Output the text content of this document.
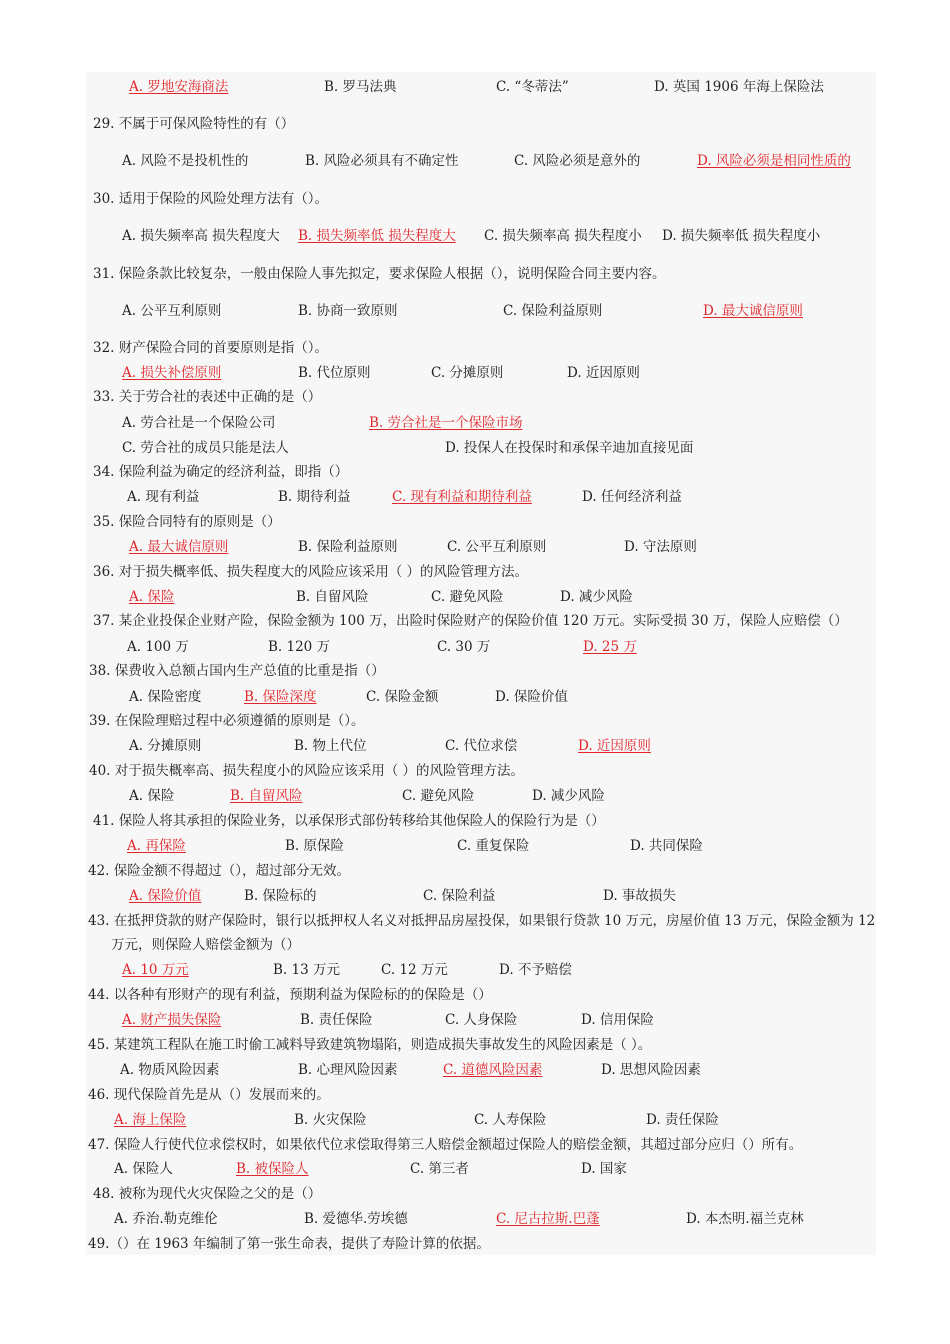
A. 罗地安海商法	B. 罗马法典	C. “冬蒂法”	D. 英国 1906 年海上保险法
29. 不属于可保风险特性的有（）
A. 风险不是投机性的	B. 风险必须具有不确定性	C. 风险必须是意外的	D. 风险必须是相同性质的
30. 适用于保险的风险处理方法有（）。
A. 损失频率高 损失程度大 B. 损失频率低 损失程度大 C. 损失频率高 损失程度小 D. 损失频率低 损失程度小
31. 保险条款比较复杂，一般由保险人事先拟定，要求保险人根据（），说明保险合同主要内容。
A. 公平互利原则	B. 协商一致原则	C. 保险利益原则	D. 最大诚信原则
32. 财产保险合同的首要原则是指（）。
A. 损失补偿原则	B. 代位原则	C. 分摊原则	D. 近因原则
33. 关于劳合社的表述中正确的是（）
A. 劳合社是一个保险公司	B. 劳合社是一个保险市场
C. 劳合社的成员只能是法人	D. 投保人在投保时和承保辛迪加直接见面
34. 保险利益为确定的经济利益，即指（）
A. 现有利益	B. 期待利益	C. 现有利益和期待利益	D. 任何经济利益
35. 保险合同特有的原则是（）
A. 最大诚信原则	B. 保险利益原则	C. 公平互利原则	D. 守法原则
36. 对于损失概率低、损失程度大的风险应该采用（ ）的风险管理方法。
A. 保险	B. 自留风险	C. 避免风险	D. 减少风险
37. 某企业投保企业财产险，保险金额为 100 万，出险时保险财产的保险价值 120 万元。实际受损 30 万，保险人应赔偿（）
A. 100 万	B. 120 万	C. 30 万	D. 25 万
38. 保费收入总额占国内生产总值的比重是指（）
A. 保险密度	B. 保险深度	C. 保险金额	D. 保险价值
39. 在保险理赔过程中必须遵循的原则是（）。
A. 分摊原则	B. 物上代位	C. 代位求偿	D. 近因原则
40. 对于损失概率高、损失程度小的风险应该采用（ ）的风险管理方法。
A. 保险	B. 自留风险	C. 避免风险	D. 减少风险
41. 保险人将其承担的保险业务，以承保形式部份转移给其他保险人的保险行为是（）
A. 再保险	B. 原保险	C. 重复保险	D. 共同保险
42. 保险金额不得超过（），超过部分无效。
A. 保险价值	B. 保险标的	C. 保险利益	D. 事故损失
43. 在抵押贷款的财产保险时，银行以抵押权人名义对抵押品房屋投保，如果银行贷款 10 万元，房屋价值 13 万元，保险金额为 12
万元，则保险人赔偿金额为（）
A. 10 万元	B. 13 万元	C. 12 万元	D. 不予赔偿
44. 以各种有形财产的现有利益，预期利益为保险标的的保险是（）
A. 财产损失保险	B. 责任保险	C. 人身保险	D. 信用保险
45. 某建筑工程队在施工时偷工减料导致建筑物塌陷，则造成损失事故发生的风险因素是（ ）。
A. 物质风险因素	B. 心理风险因素	C. 道德风险因素	D. 思想风险因素
46. 现代保险首先是从（）发展而来的。
A. 海上保险	B. 火灾保险	C. 人寿保险	D. 责任保险
47. 保险人行使代位求偿权时，如果依代位求偿取得第三人赔偿金额超过保险人的赔偿金额，其超过部分应归（）所有。
A. 保险人	B. 被保险人	C. 第三者	D. 国家
48. 被称为现代火灾保险之父的是（）
A. 乔治.勒克维伦	B. 爱德华.劳埃德	C. 尼古拉斯.巴蓬	D. 本杰明.福兰克林
49.（）在 1963 年编制了第一张生命表，提供了寿险计算的依据。
